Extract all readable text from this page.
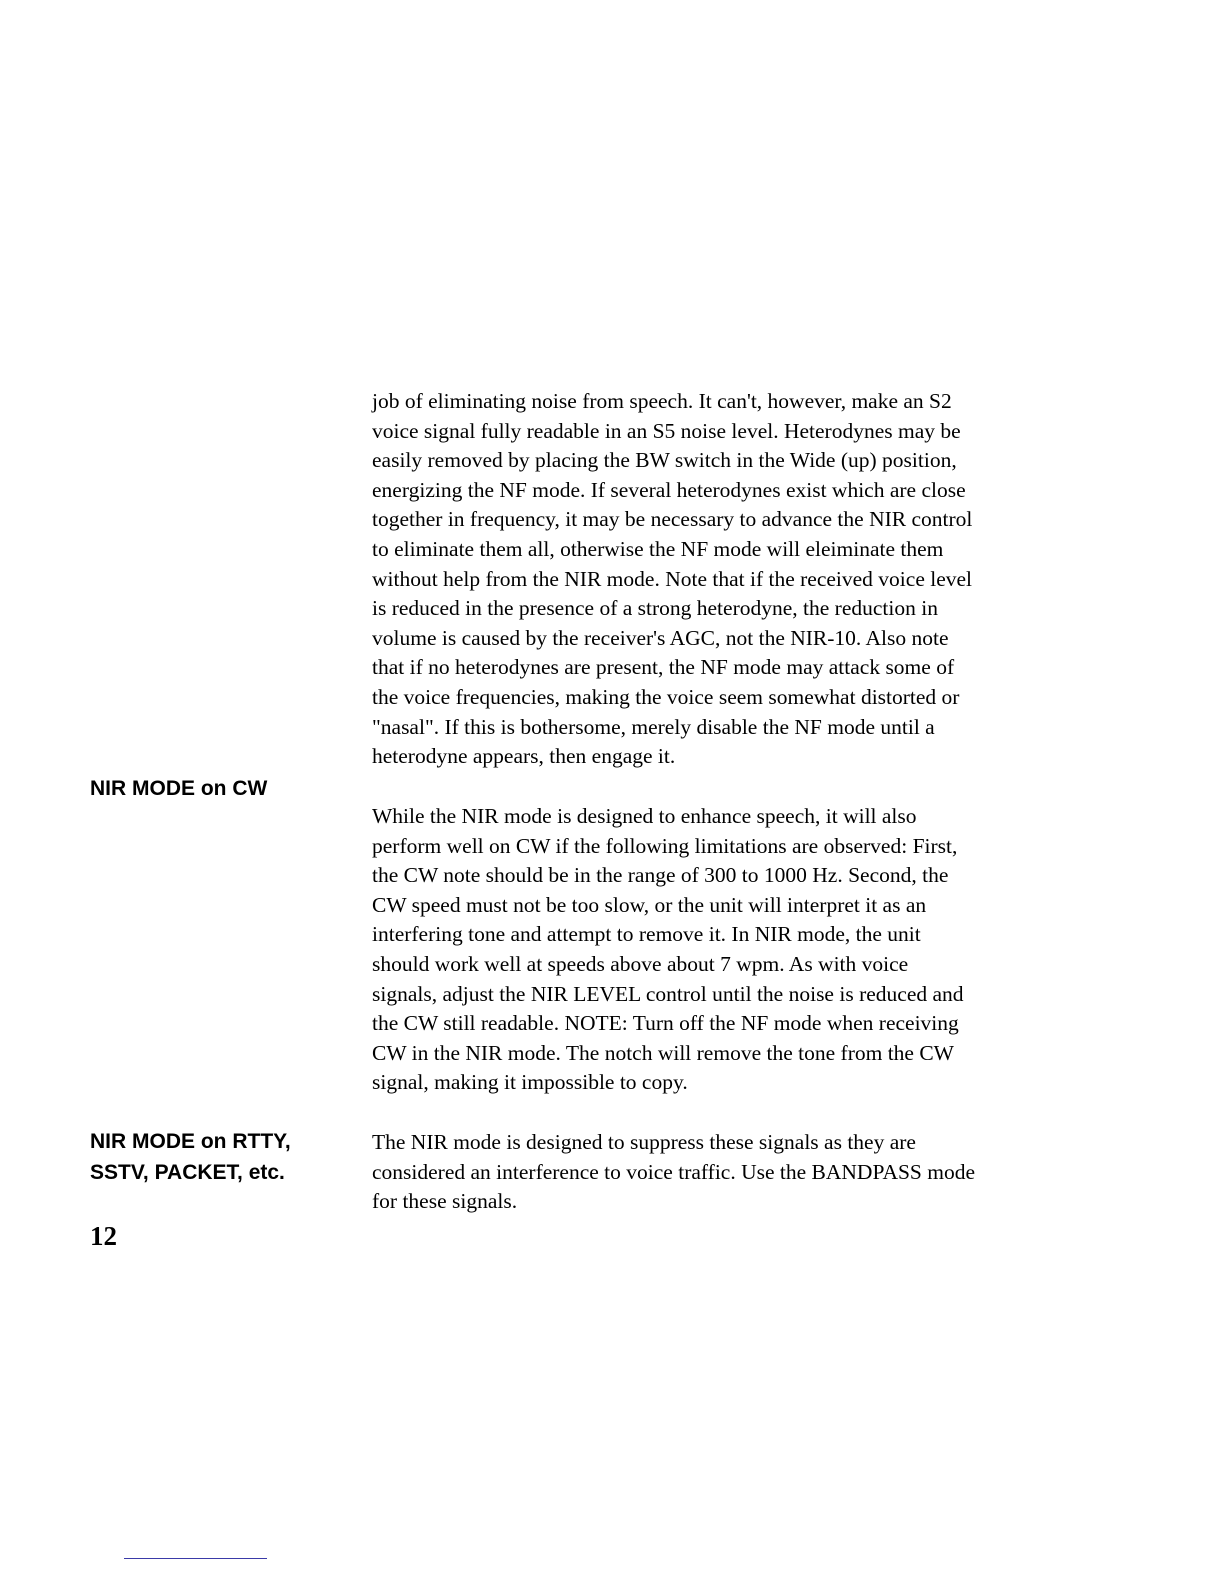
job of eliminating noise from speech. It can't, however, make an S2
voice signal fully readable in an S5 noise level. Heterodynes may be
easily removed by placing the BW switch in the Wide (up) position,
energizing the NF mode. If several heterodynes exist which are close
together in frequency, it may be necessary to advance the NIR control
to eliminate them all, otherwise the NF mode will eleiminate them
without help from the NIR mode. Note that if the received voice level
is reduced in the presence of a strong heterodyne, the reduction in
volume is caused by the receiver's AGC, not the NIR-10. Also note
that if no heterodynes are present, the NF mode may attack some of
the voice frequencies, making the voice seem somewhat distorted or
"nasal". If this is bothersome, merely disable the NF mode until a
heterodyne appears, then engage it.
NIR MODE on CW
While the NIR mode is designed to enhance speech, it will also
perform well on CW if the following limitations are observed: First,
the CW note should be in the range of 300 to 1000 Hz. Second, the
CW speed must not be too slow, or the unit will interpret it as an
interfering tone and attempt to remove it. In NIR mode, the unit
should work well at speeds above about 7 wpm. As with voice
signals, adjust the NIR LEVEL control until the noise is reduced and
the CW still readable. NOTE: Turn off the NF mode when receiving
CW in the NIR mode. The notch will remove the tone from the CW
signal, making it impossible to copy.
NIR MODE on RTTY,
SSTV, PACKET, etc.
The NIR mode is designed to suppress these signals as they are
considered an interference to voice traffic. Use the BANDPASS mode
for these signals.
12
